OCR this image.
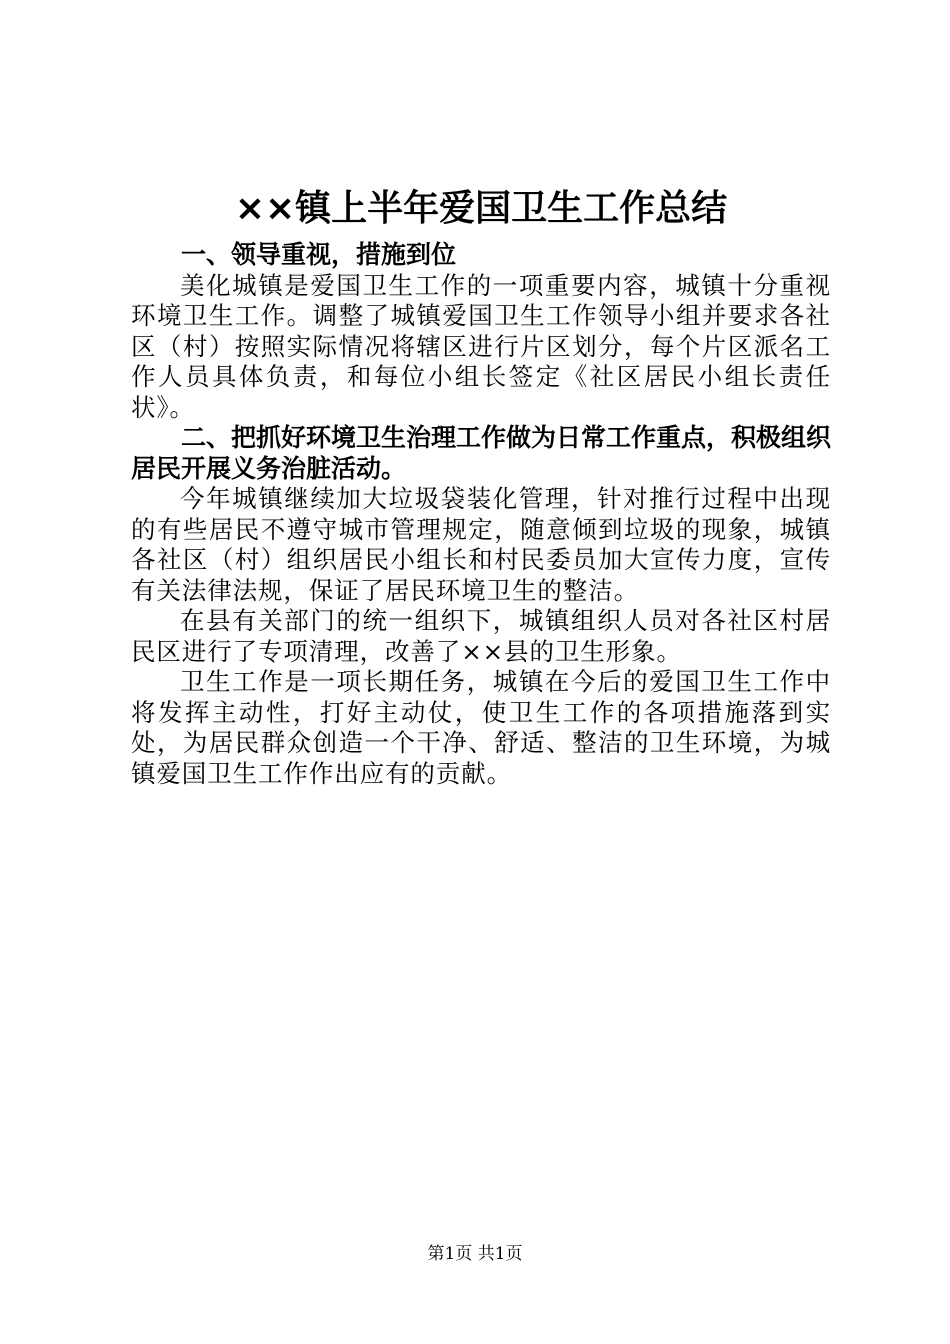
××镇上半年爱国卫生工作总结

一、领导重视，措施到位

美化城镇是爱国卫生工作的一项重要内容，城镇十分重视环境卫生工作。调整了城镇爱国卫生工作领导小组并要求各社区（村）按照实际情况将辖区进行片区划分，每个片区派名工作人员具体负责，和每位小组长签定《社区居民小组长责任状》。

二、把抓好环境卫生治理工作做为日常工作重点，积极组织居民开展义务治脏活动。

今年城镇继续加大垃圾袋装化管理，针对推行过程中出现的有些居民不遵守城市管理规定，随意倾到垃圾的现象，城镇各社区（村）组织居民小组长和村民委员加大宣传力度，宣传有关法律法规，保证了居民环境卫生的整洁。

在县有关部门的统一组织下，城镇组织人员对各社区村居民区进行了专项清理，改善了××县的卫生形象。

卫生工作是一项长期任务，城镇在今后的爱国卫生工作中将发挥主动性，打好主动仗，使卫生工作的各项措施落到实处，为居民群众创造一个干净、舒适、整洁的卫生环境，为城镇爱国卫生工作作出应有的贡献。

第1页 共1页
